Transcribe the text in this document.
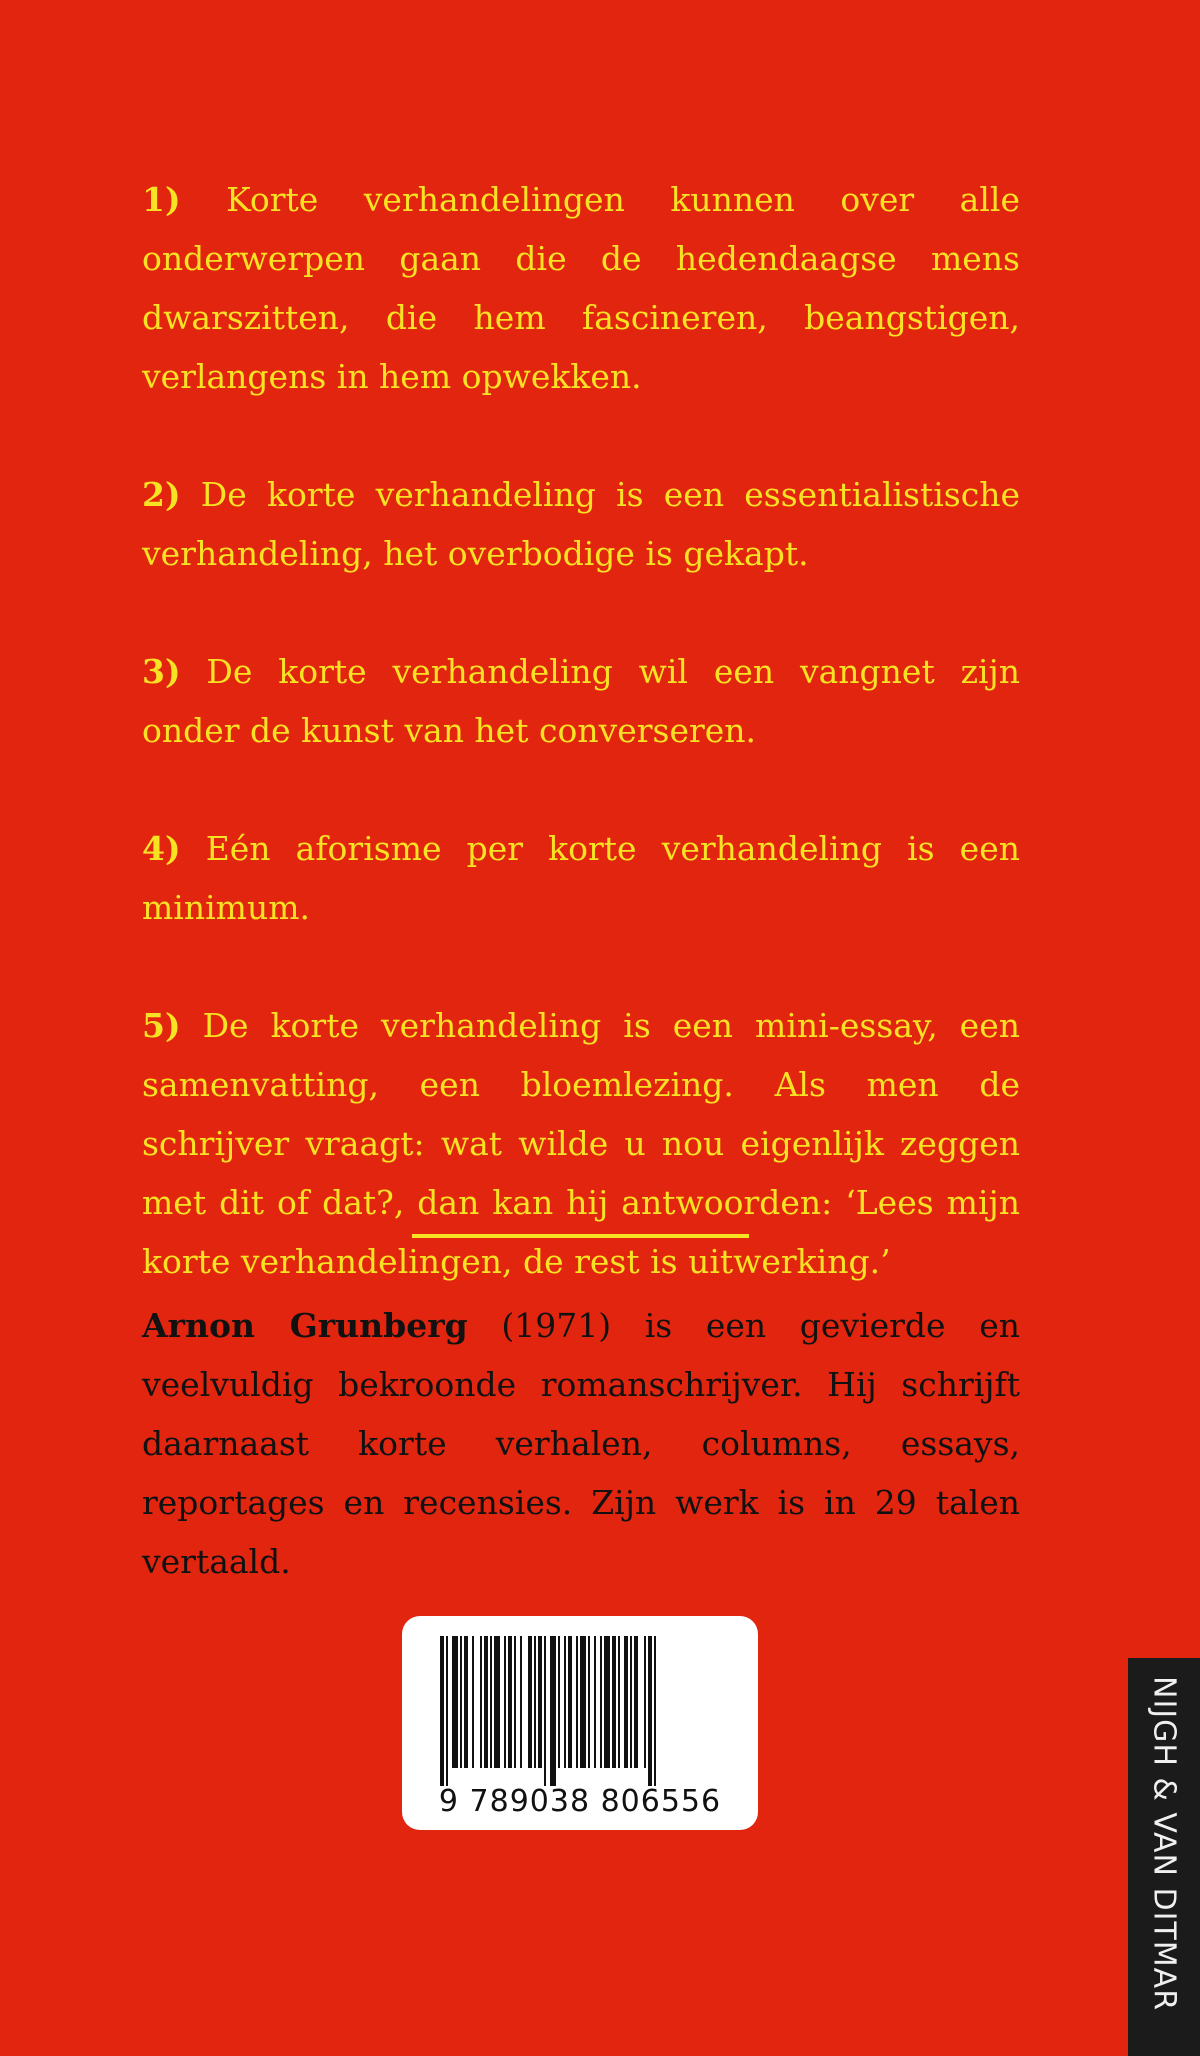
1) Korte verhandelingen kunnen over alle onderwerpen gaan die de hedendaagse mens dwarszitten, die hem fascineren, beangstigen, verlangens in hem opwekken.

2) De korte verhandeling is een essentialistische verhandeling, het overbodige is gekapt.

3) De korte verhandeling wil een vangnet zijn onder de kunst van het converseren.

4) Eén aforisme per korte verhandeling is een minimum.

5) De korte verhandeling is een mini-essay, een samenvatting, een bloemlezing. Als men de schrijver vraagt: wat wilde u nou eigenlijk zeggen met dit of dat?, dan kan hij antwoorden: ‘Lees mijn korte verhandelingen, de rest is uitwerking.’

Arnon Grunberg (1971) is een gevierde en veelvuldig bekroonde romanschrijver. Hij schrijft daarnaast korte verhalen, columns, essays, reportages en recensies. Zijn werk is in 29 talen vertaald.

9 789038 806556	NIJGH & VAN DITMAR
